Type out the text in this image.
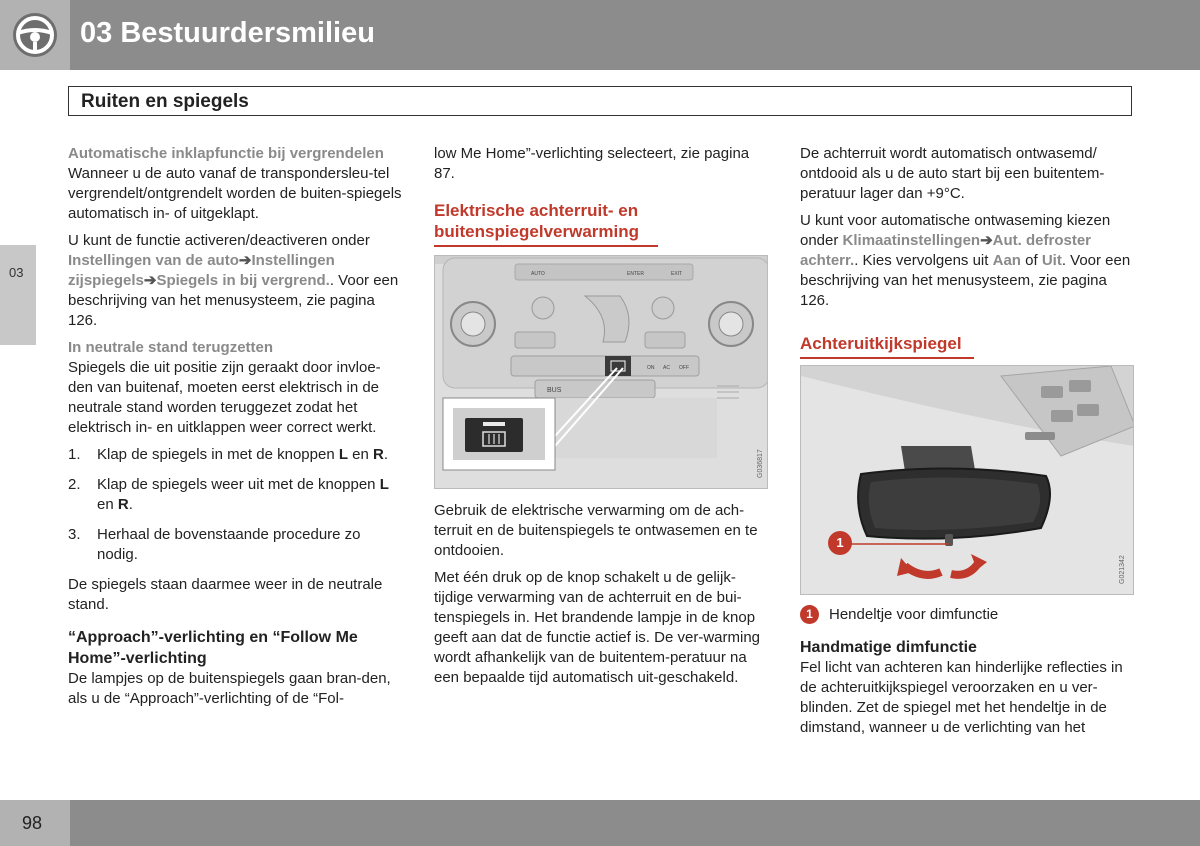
03 Bestuurdersmilieu
Ruiten en spiegels
03
Automatische inklapfunctie bij vergrendelen

Wanneer u de auto vanaf de transpondersleu-tel vergrendelt/ontgrendelt worden de buiten-spiegels automatisch in- of uitgeklapt.

U kunt de functie activeren/deactiveren onder Instellingen van de auto➔Instellingen zijspiegels➔Spiegels in bij vergrend.. Voor een beschrijving van het menusysteem, zie pagina 126.

In neutrale stand terugzetten

Spiegels die uit positie zijn geraakt door invloe-den van buitenaf, moeten eerst elektrisch in de neutrale stand worden teruggezet zodat het elektrisch in- en uitklappen weer correct werkt.

1. Klap de spiegels in met de knoppen L en R.
2. Klap de spiegels weer uit met de knoppen L en R.
3. Herhaal de bovenstaande procedure zo nodig.

De spiegels staan daarmee weer in de neutrale stand.

“Approach”-verlichting en “Follow Me Home”-verlichting

De lampjes op de buitenspiegels gaan bran-den, als u de “Approach”-verlichting of de “Fol-

low Me Home”-verlichting selecteert, zie pagina 87.

Elektrische achterruit- en buitenspiegelverwarming
AUTO	ENTER	EXIT
ON AC OFF
BUS
G036817

Gebruik de elektrische verwarming om de ach-terruit en de buitenspiegels te ontwasemen en te ontdooien.

Met één druk op de knop schakelt u de gelijk-tijdige verwarming van de achterruit en de bui-tenspiegels in. Het brandende lampje in de knop geeft aan dat de functie actief is. De ver-warming wordt afhankelijk van de buitentem-peratuur na een bepaalde tijd automatisch uit-geschakeld.

De achterruit wordt automatisch ontwasemd/ ontdooid als u de auto start bij een buitentem-peratuur lager dan +9°C.

U kunt voor automatische ontwaseming kiezen onder Klimaatinstellingen➔Aut. defroster achterr.. Kies vervolgens uit Aan of Uit. Voor een beschrijving van het menusysteem, zie pagina 126.

Achteruitkijkspiegel
1
G021342
1	Hendeltje voor dimfunctie
Handmatige dimfunctie

Fel licht van achteren kan hinderlijke reflecties in de achteruitkijkspiegel veroorzaken en u ver-blinden. Zet de spiegel met het hendeltje in de dimstand, wanneer u de verlichting van het

98
